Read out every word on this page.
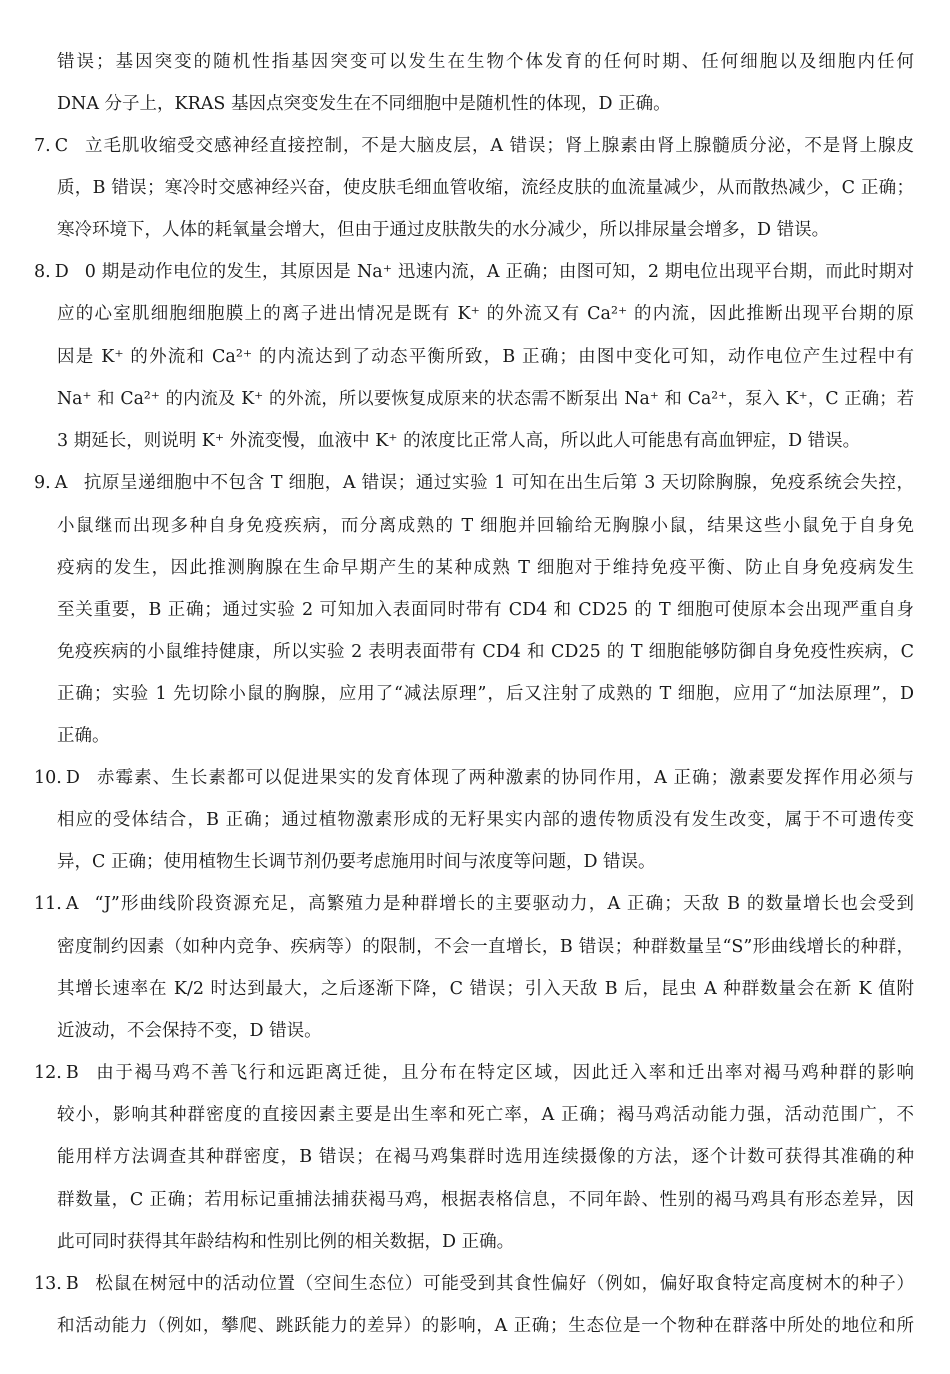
错误；基因突变的随机性指基因突变可以发生在生物个体发育的任何时期、任何细胞以及细胞内任何
DNA 分子上，KRAS 基因点突变发生在不同细胞中是随机性的体现，D 正确。
7. C 立毛肌收缩受交感神经直接控制，不是大脑皮层，A 错误；肾上腺素由肾上腺髓质分泌，不是肾上腺皮
质，B 错误；寒冷时交感神经兴奋，使皮肤毛细血管收缩，流经皮肤的血流量减少，从而散热减少，C 正确；
寒冷环境下，人体的耗氧量会增大，但由于通过皮肤散失的水分减少，所以排尿量会增多，D 错误。
8. D 0 期是动作电位的发生，其原因是 Na⁺ 迅速内流，A 正确；由图可知，2 期电位出现平台期，而此时期对
应的心室肌细胞细胞膜上的离子进出情况是既有 K⁺ 的外流又有 Ca²⁺ 的内流，因此推断出现平台期的原
因是 K⁺ 的外流和 Ca²⁺ 的内流达到了动态平衡所致，B 正确；由图中变化可知，动作电位产生过程中有
Na⁺ 和 Ca²⁺ 的内流及 K⁺ 的外流，所以要恢复成原来的状态需不断泵出 Na⁺ 和 Ca²⁺，泵入 K⁺，C 正确；若
3 期延长，则说明 K⁺ 外流变慢，血液中 K⁺ 的浓度比正常人高，所以此人可能患有高血钾症，D 错误。
9. A 抗原呈递细胞中不包含 T 细胞，A 错误；通过实验 1 可知在出生后第 3 天切除胸腺，免疫系统会失控，
小鼠继而出现多种自身免疫疾病，而分离成熟的 T 细胞并回输给无胸腺小鼠，结果这些小鼠免于自身免
疫病的发生，因此推测胸腺在生命早期产生的某种成熟 T 细胞对于维持免疫平衡、防止自身免疫病发生
至关重要，B 正确；通过实验 2 可知加入表面同时带有 CD4 和 CD25 的 T 细胞可使原本会出现严重自身
免疫疾病的小鼠维持健康，所以实验 2 表明表面带有 CD4 和 CD25 的 T 细胞能够防御自身免疫性疾病，C
正确；实验 1 先切除小鼠的胸腺，应用了“减法原理”，后又注射了成熟的 T 细胞，应用了“加法原理”，D
正确。
10. D 赤霉素、生长素都可以促进果实的发育体现了两种激素的协同作用，A 正确；激素要发挥作用必须与
相应的受体结合，B 正确；通过植物激素形成的无籽果实内部的遗传物质没有发生改变，属于不可遗传变
异，C 正确；使用植物生长调节剂仍要考虑施用时间与浓度等问题，D 错误。
11. A “J”形曲线阶段资源充足，高繁殖力是种群增长的主要驱动力，A 正确；天敌 B 的数量增长也会受到
密度制约因素（如种内竞争、疾病等）的限制，不会一直增长，B 错误；种群数量呈“S”形曲线增长的种群，
其增长速率在 K/2 时达到最大，之后逐渐下降，C 错误；引入天敌 B 后，昆虫 A 种群数量会在新 K 值附
近波动，不会保持不变，D 错误。
12. B 由于褐马鸡不善飞行和远距离迁徙，且分布在特定区域，因此迁入率和迁出率对褐马鸡种群的影响
较小，影响其种群密度的直接因素主要是出生率和死亡率，A 正确；褐马鸡活动能力强，活动范围广，不
能用样方法调查其种群密度，B 错误；在褐马鸡集群时选用连续摄像的方法，逐个计数可获得其准确的种
群数量，C 正确；若用标记重捕法捕获褐马鸡，根据表格信息，不同年龄、性别的褐马鸡具有形态差异，因
此可同时获得其年龄结构和性别比例的相关数据，D 正确。
13. B 松鼠在树冠中的活动位置（空间生态位）可能受到其食性偏好（例如，偏好取食特定高度树木的种子）
和活动能力（例如，攀爬、跳跃能力的差异）的影响，A 正确；生态位是一个物种在群落中所处的地位和所
